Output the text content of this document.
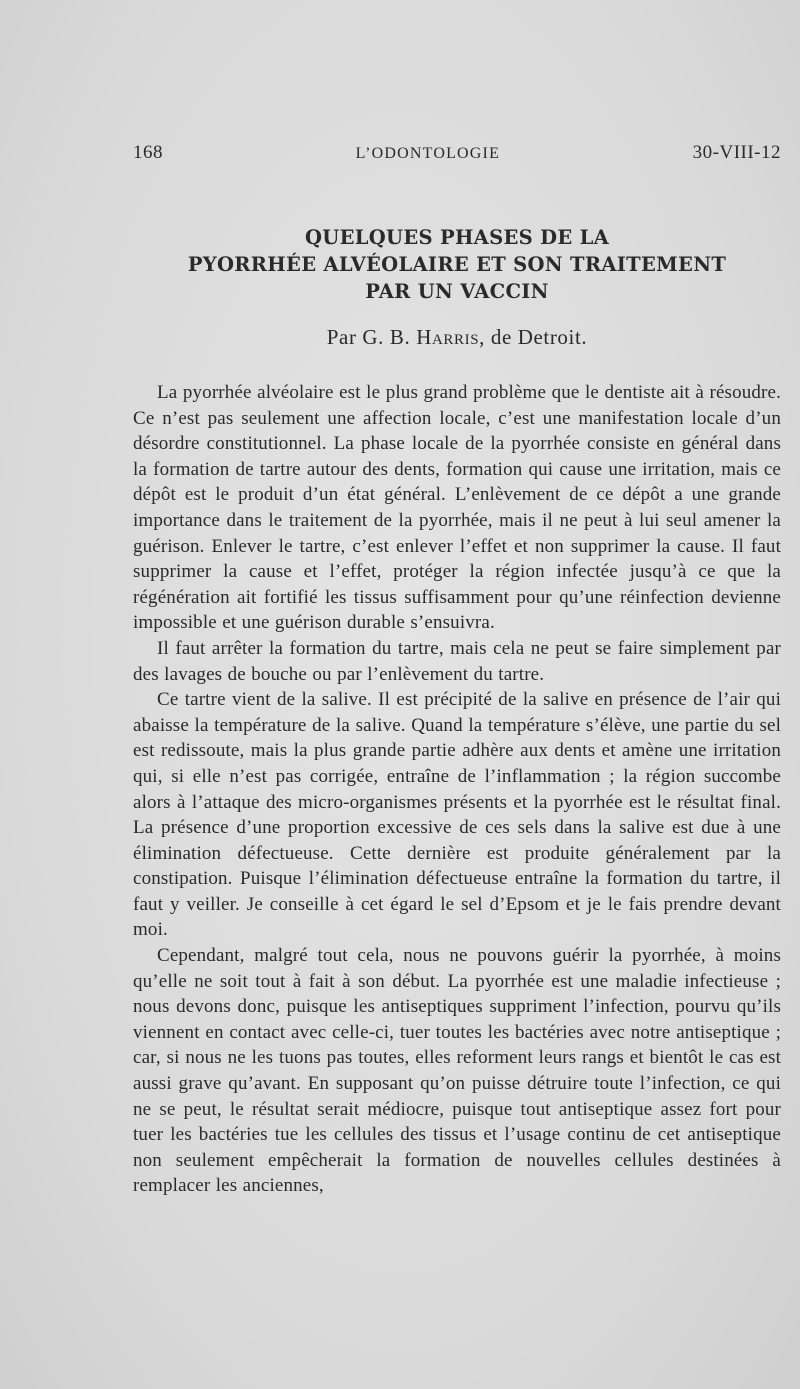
168	L’ODONTOLOGIE	30-VIII-12
QUELQUES PHASES DE LA
PYORRHÉE ALVÉOLAIRE ET SON TRAITEMENT
PAR UN VACCIN
Par G. B. Harris, de Detroit.

La pyorrhée alvéolaire est le plus grand problème que le dentiste ait à résoudre. Ce n’est pas seulement une affection locale, c’est une manifestation locale d’un désordre constitutionnel. La phase locale de la pyorrhée consiste en général dans la formation de tartre autour des dents, formation qui cause une irritation, mais ce dépôt est le produit d’un état général. L’enlèvement de ce dépôt a une grande importance dans le traitement de la pyorrhée, mais il ne peut à lui seul amener la guérison. Enlever le tartre, c’est enlever l’effet et non supprimer la cause. Il faut supprimer la cause et l’effet, protéger la région infectée jusqu’à ce que la régénération ait fortifié les tissus suffisamment pour qu’une réinfection devienne impossible et une guérison durable s’ensuivra.

Il faut arrêter la formation du tartre, mais cela ne peut se faire simplement par des lavages de bouche ou par l’enlèvement du tartre.

Ce tartre vient de la salive. Il est précipité de la salive en présence de l’air qui abaisse la température de la salive. Quand la température s’élève, une partie du sel est redissoute, mais la plus grande partie adhère aux dents et amène une irritation qui, si elle n’est pas corrigée, entraîne de l’inflammation ; la région succombe alors à l’attaque des micro-organismes présents et la pyorrhée est le résultat final. La présence d’une proportion excessive de ces sels dans la salive est due à une élimination défectueuse. Cette dernière est produite généralement par la constipation. Puisque l’élimination défectueuse entraîne la formation du tartre, il faut y veiller. Je conseille à cet égard le sel d’Epsom et je le fais prendre devant moi.

Cependant, malgré tout cela, nous ne pouvons guérir la pyorrhée, à moins qu’elle ne soit tout à fait à son début. La pyorrhée est une maladie infectieuse ; nous devons donc, puisque les antiseptiques suppriment l’infection, pourvu qu’ils viennent en contact avec celle-ci, tuer toutes les bactéries avec notre antiseptique ; car, si nous ne les tuons pas toutes, elles reforment leurs rangs et bientôt le cas est aussi grave qu’avant. En supposant qu’on puisse détruire toute l’infection, ce qui ne se peut, le résultat serait médiocre, puisque tout antiseptique assez fort pour tuer les bactéries tue les cellules des tissus et l’usage continu de cet antiseptique non seulement empêcherait la formation de nouvelles cellules destinées à remplacer les anciennes,
